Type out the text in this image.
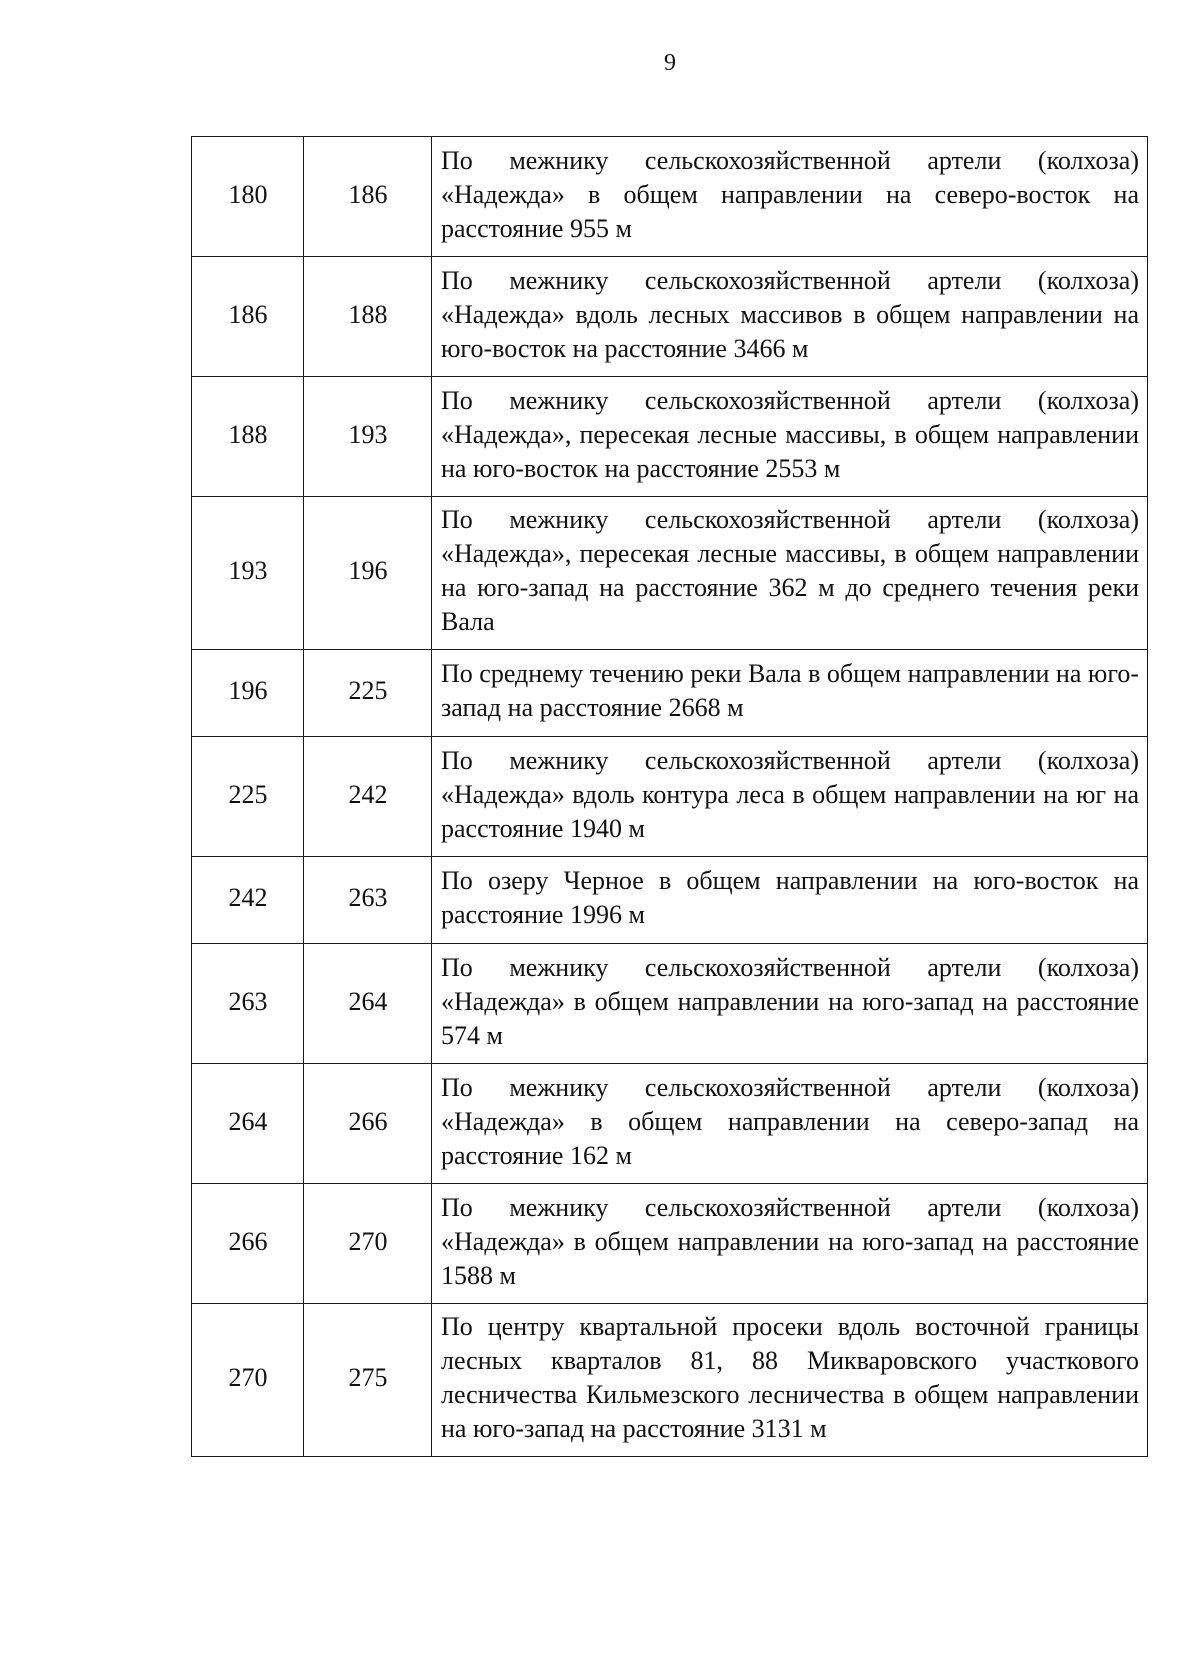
9
180	186	По межнику сельскохозяйственной артели (колхоза) «Надежда» в общем направлении на северо-восток на расстояние 955 м
186	188	По межнику сельскохозяйственной артели (колхоза) «Надежда» вдоль лесных массивов в общем направлении на юго-восток на расстояние 3466 м
188	193	По межнику сельскохозяйственной артели (колхоза) «Надежда», пересекая лесные массивы, в общем направлении на юго-восток на расстояние 2553 м
193	196	По межнику сельскохозяйственной артели (колхоза) «Надежда», пересекая лесные массивы, в общем направлении на юго-запад на расстояние 362 м до среднего течения реки Вала
196	225	По среднему течению реки Вала в общем направлении на юго-запад на расстояние 2668 м
225	242	По межнику сельскохозяйственной артели (колхоза) «Надежда» вдоль контура леса в общем направлении на юг на расстояние 1940 м
242	263	По озеру Черное в общем направлении на юго-восток на расстояние 1996 м
263	264	По межнику сельскохозяйственной артели (колхоза) «Надежда» в общем направлении на юго-запад на расстояние 574 м
264	266	По межнику сельскохозяйственной артели (колхоза) «Надежда» в общем направлении на северо-запад на расстояние 162 м
266	270	По межнику сельскохозяйственной артели (колхоза) «Надежда» в общем направлении на юго-запад на расстояние 1588 м
270	275	По центру квартальной просеки вдоль восточной границы лесных кварталов 81, 88 Микваровского участкового лесничества Кильмезского лесничества в общем направлении на юго-запад на расстояние 3131 м
